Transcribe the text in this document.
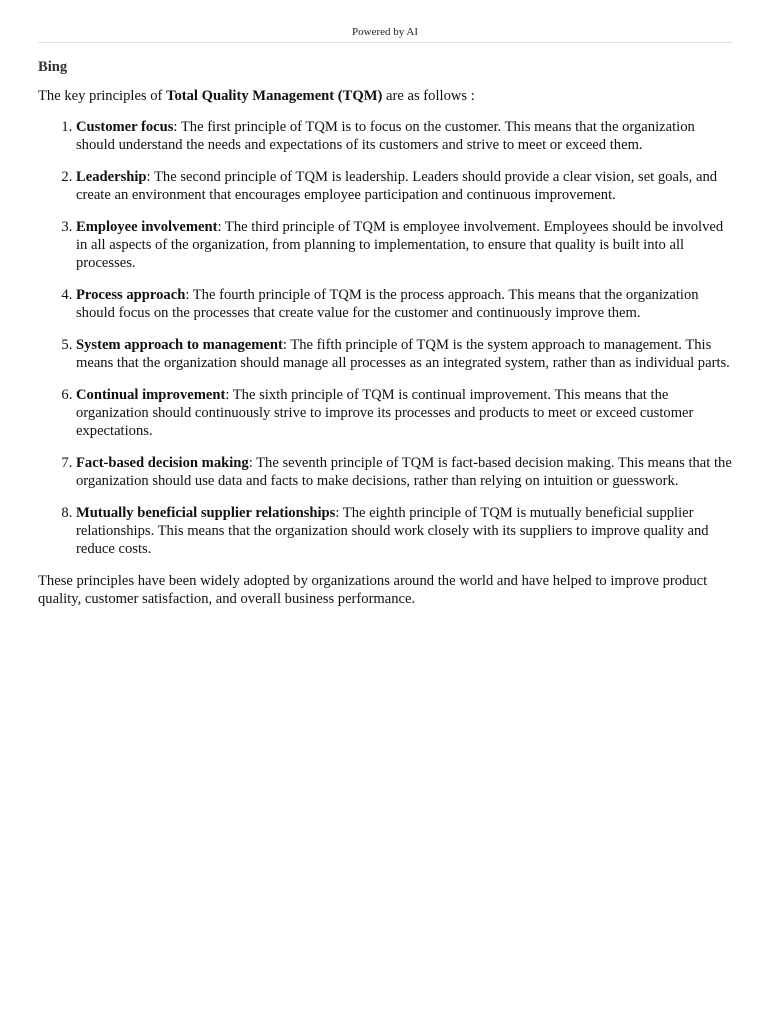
Powered by AI

Bing

The key principles of Total Quality Management (TQM) are as follows :

1. Customer focus: The first principle of TQM is to focus on the customer. This means that the organization should understand the needs and expectations of its customers and strive to meet or exceed them.
2. Leadership: The second principle of TQM is leadership. Leaders should provide a clear vision, set goals, and create an environment that encourages employee participation and continuous improvement.
3. Employee involvement: The third principle of TQM is employee involvement. Employees should be involved in all aspects of the organization, from planning to implementation, to ensure that quality is built into all processes.
4. Process approach: The fourth principle of TQM is the process approach. This means that the organization should focus on the processes that create value for the customer and continuously improve them.
5. System approach to management: The fifth principle of TQM is the system approach to management. This means that the organization should manage all processes as an integrated system, rather than as individual parts.
6. Continual improvement: The sixth principle of TQM is continual improvement. This means that the organization should continuously strive to improve its processes and products to meet or exceed customer expectations.
7. Fact-based decision making: The seventh principle of TQM is fact-based decision making. This means that the organization should use data and facts to make decisions, rather than relying on intuition or guesswork.
8. Mutually beneficial supplier relationships: The eighth principle of TQM is mutually beneficial supplier relationships. This means that the organization should work closely with its suppliers to improve quality and reduce costs.

These principles have been widely adopted by organizations around the world and have helped to improve product quality, customer satisfaction, and overall business performance.
